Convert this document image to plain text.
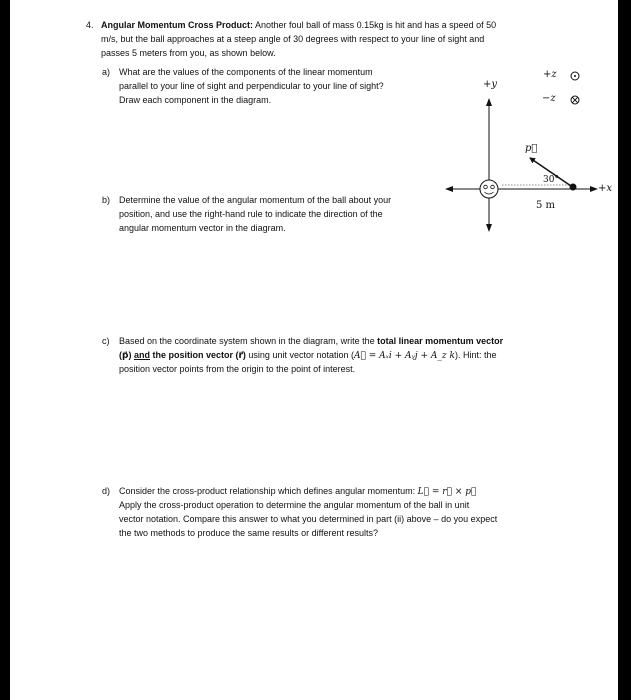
4. Angular Momentum Cross Product: Another foul ball of mass 0.15kg is hit and has a speed of 50
m/s, but the ball approaches at a steep angle of 30 degrees with respect to your line of sight and
passes 5 meters from you, as shown below.
a) What are the values of the components of the linear momentum
parallel to your line of sight and perpendicular to your line of sight?
Draw each component in the diagram.
b) Determine the value of the angular momentum of the ball about your
position, and use the right-hand rule to indicate the direction of the
angular momentum vector in the diagram.
c) Based on the coordinate system shown in the diagram, write the total linear momentum vector
(p⃗) and the position vector (r⃗) using unit vector notation (A⃗ = Aₓi + Aᵧj + A_z k). Hint: the
position vector points from the origin to the point of interest.
d) Consider the cross-product relationship which defines angular momentum: L⃗ = r⃗ × p⃗
Apply the cross-product operation to determine the angular momentum of the ball in unit
vector notation. Compare this answer to what you determined in part (ii) above – do you expect
the two methods to produce the same results or different results?
+y
+z
−z
+x
p⃗
30°
5 m
